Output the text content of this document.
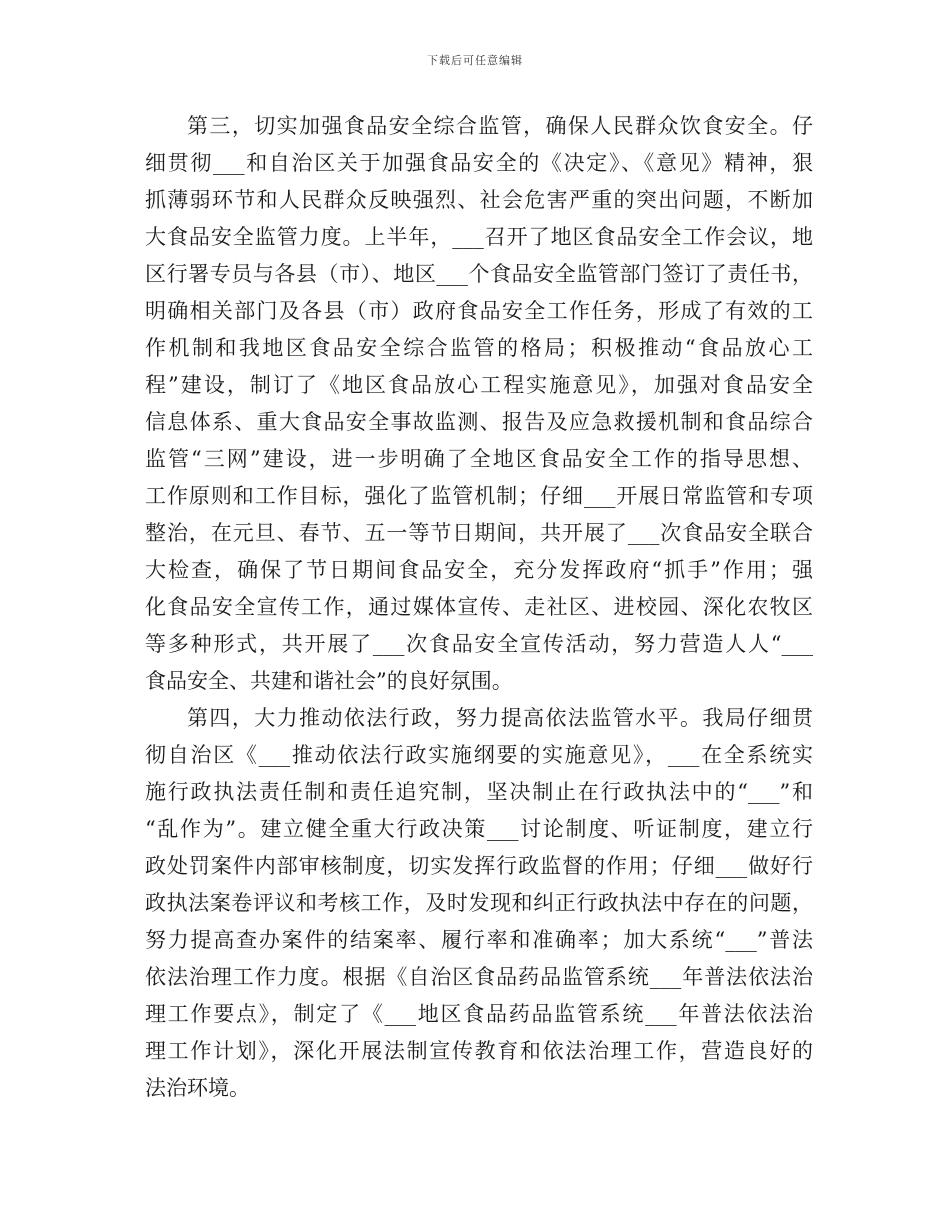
下载后可任意编辑
第三，切实加强食品安全综合监管，确保人民群众饮食安全。仔
细贯彻___和自治区关于加强食品安全的《决定》、《意见》精神，狠
抓薄弱环节和人民群众反映强烈、社会危害严重的突出问题，不断加
大食品安全监管力度。上半年，___召开了地区食品安全工作会议，地
区行署专员与各县（市）、地区___个食品安全监管部门签订了责任书，
明确相关部门及各县（市）政府食品安全工作任务，形成了有效的工
作机制和我地区食品安全综合监管的格局；积极推动“食品放心工
程”建设，制订了《地区食品放心工程实施意见》，加强对食品安全
信息体系、重大食品安全事故监测、报告及应急救援机制和食品综合
监管“三网”建设，进一步明确了全地区食品安全工作的指导思想、
工作原则和工作目标，强化了监管机制；仔细___开展日常监管和专项
整治，在元旦、春节、五一等节日期间，共开展了___次食品安全联合
大检查，确保了节日期间食品安全，充分发挥政府“抓手”作用；强
化食品安全宣传工作，通过媒体宣传、走社区、进校园、深化农牧区
等多种形式，共开展了___次食品安全宣传活动，努力营造人人“___
食品安全、共建和谐社会”的良好氛围。
第四，大力推动依法行政，努力提高依法监管水平。我局仔细贯
彻自治区《___推动依法行政实施纲要的实施意见》，___在全系统实
施行政执法责任制和责任追究制，坚决制止在行政执法中的“___”和
“乱作为”。建立健全重大行政决策___讨论制度、听证制度，建立行
政处罚案件内部审核制度，切实发挥行政监督的作用；仔细___做好行
政执法案卷评议和考核工作，及时发现和纠正行政执法中存在的问题，
努力提高查办案件的结案率、履行率和准确率；加大系统“___”普法
依法治理工作力度。根据《自治区食品药品监管系统___年普法依法治
理工作要点》，制定了《___地区食品药品监管系统___年普法依法治
理工作计划》，深化开展法制宣传教育和依法治理工作，营造良好的
法治环境。
